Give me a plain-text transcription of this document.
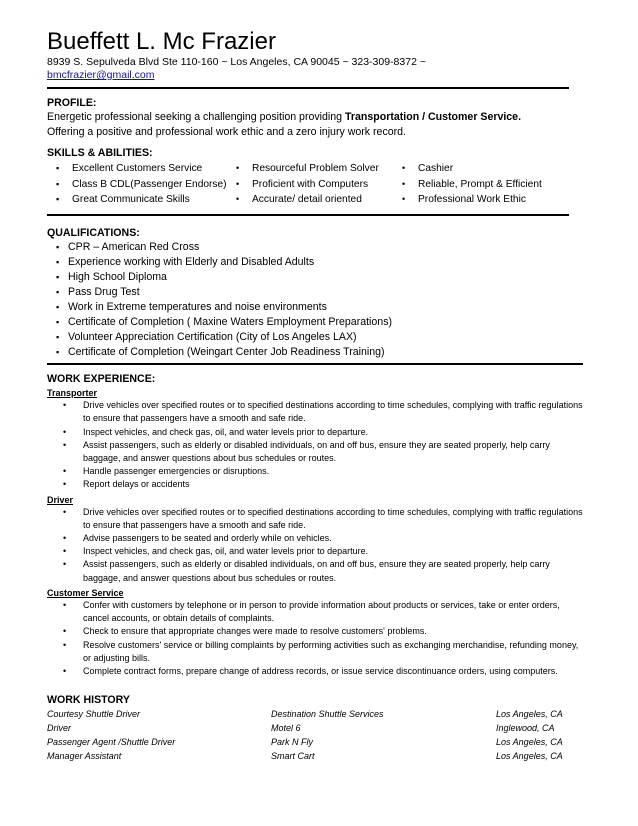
Bueffett L. Mc Frazier
8939 S. Sepulveda Blvd Ste 110-160 ~ Los Angeles, CA 90045 ~ 323-309-8372 ~
bmcfrazier@gmail.com
PROFILE:
Energetic professional seeking a challenging position providing Transportation / Customer Service.
Offering a positive and professional work ethic and a zero injury work record.
SKILLS & ABILITIES:
▪ Excellent Customers Service
▪ Class B CDL(Passenger Endorse)
▪ Great Communicate Skills
• Resourceful Problem Solver
• Proficient with Computers
• Accurate/ detail oriented
• Cashier
• Reliable, Prompt & Efficient
• Professional Work Ethic
QUALIFICATIONS:
▪ CPR – American Red Cross
▪ Experience working with Elderly and Disabled Adults
▪ High School Diploma
▪ Pass Drug Test
▪ Work in Extreme temperatures and noise environments
▪ Certificate of Completion ( Maxine Waters Employment Preparations)
▪ Volunteer Appreciation Certification (City of Los Angeles LAX)
▪ Certificate of Completion (Weingart Center Job Readiness Training)
WORK EXPERIENCE:
Transporter
• Drive vehicles over specified routes or to specified destinations according to time schedules, complying with traffic regulations to ensure that passengers have a smooth and safe ride.
• Inspect vehicles, and check gas, oil, and water levels prior to departure.
• Assist passengers, such as elderly or disabled individuals, on and off bus, ensure they are seated properly, help carry baggage, and answer questions about bus schedules or routes.
• Handle passenger emergencies or disruptions.
• Report delays or accidents
Driver
• Drive vehicles over specified routes or to specified destinations according to time schedules, complying with traffic regulations to ensure that passengers have a smooth and safe ride.
• Advise passengers to be seated and orderly while on vehicles.
• Inspect vehicles, and check gas, oil, and water levels prior to departure.
• Assist passengers, such as elderly or disabled individuals, on and off bus, ensure they are seated properly, help carry baggage, and answer questions about bus schedules or routes.
Customer Service
• Confer with customers by telephone or in person to provide information about products or services, take or enter orders, cancel accounts, or obtain details of complaints.
• Check to ensure that appropriate changes were made to resolve customers' problems.
• Resolve customers' service or billing complaints by performing activities such as exchanging merchandise, refunding money, or adjusting bills.
• Complete contract forms, prepare change of address records, or issue service discontinuance orders, using computers.
WORK HISTORY
Courtesy Shuttle Driver	Destination Shuttle Services	Los Angeles, CA
Driver	Motel 6	Inglewood, CA
Passenger Agent /Shuttle Driver	Park N Fly	Los Angeles, CA
Manager Assistant	Smart Cart	Los Angeles, CA
